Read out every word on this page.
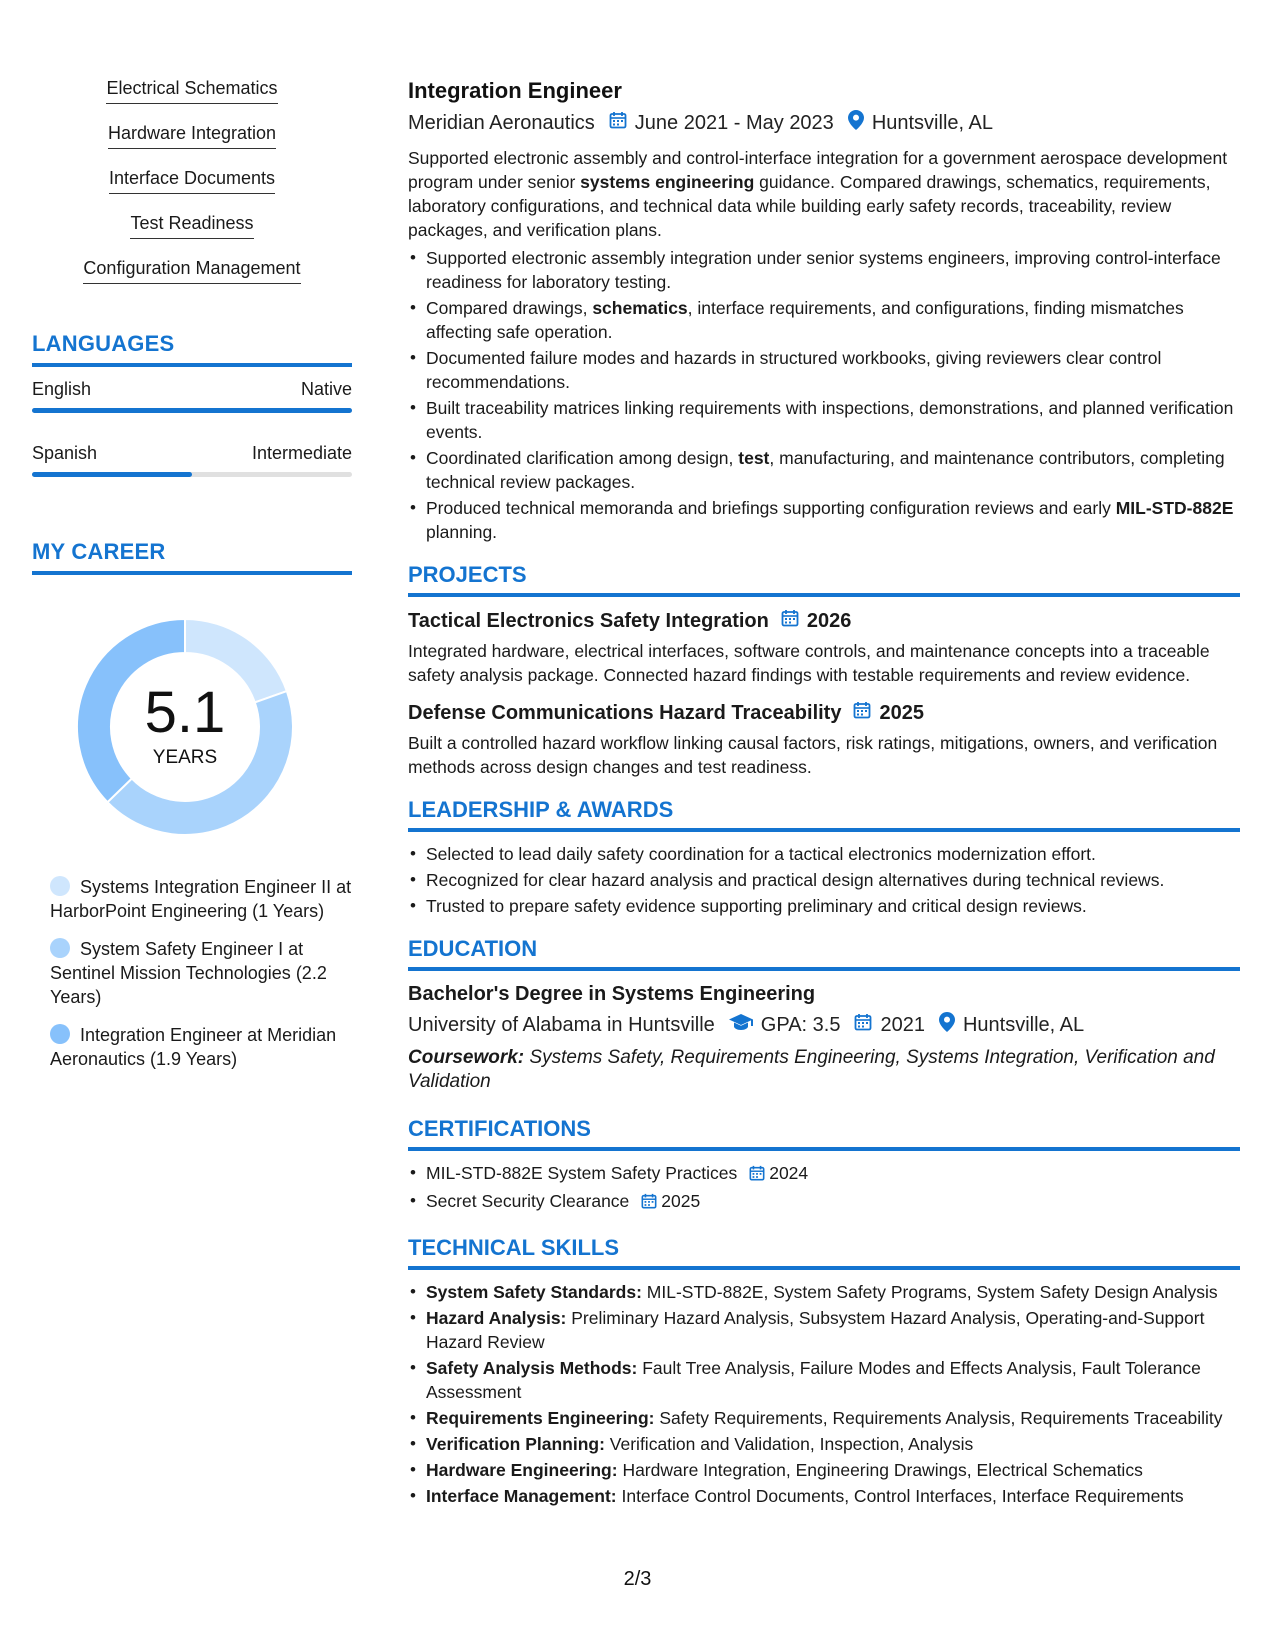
Electrical Schematics
Hardware Integration
Interface Documents
Test Readiness
Configuration Management
LANGUAGES
English	Native
Spanish	Intermediate
MY CAREER
5.1
YEARS
Systems Integration Engineer II at HarborPoint Engineering (1 Years)
System Safety Engineer I at Sentinel Mission Technologies (2.2 Years)
Integration Engineer at Meridian Aeronautics (1.9 Years)
Integration Engineer
Meridian Aeronautics June 2021 - May 2023 Huntsville, AL

Supported electronic assembly and control-interface integration for a government aerospace development program under senior systems engineering guidance. Compared drawings, schematics, requirements, laboratory configurations, and technical data while building early safety records, traceability, review packages, and verification plans.

• Supported electronic assembly integration under senior systems engineers, improving control-interface readiness for laboratory testing.
• Compared drawings, schematics, interface requirements, and configurations, finding mismatches affecting safe operation.
• Documented failure modes and hazards in structured workbooks, giving reviewers clear control recommendations.
• Built traceability matrices linking requirements with inspections, demonstrations, and planned verification events.
• Coordinated clarification among design, test, manufacturing, and maintenance contributors, completing technical review packages.
• Produced technical memoranda and briefings supporting configuration reviews and early MIL-STD-882E planning.
PROJECTS
Tactical Electronics Safety Integration 2026

Integrated hardware, electrical interfaces, software controls, and maintenance concepts into a traceable safety analysis package. Connected hazard findings with testable requirements and review evidence.

Defense Communications Hazard Traceability 2025

Built a controlled hazard workflow linking causal factors, risk ratings, mitigations, owners, and verification methods across design changes and test readiness.

LEADERSHIP & AWARDS
• Selected to lead daily safety coordination for a tactical electronics modernization effort.
• Recognized for clear hazard analysis and practical design alternatives during technical reviews.
• Trusted to prepare safety evidence supporting preliminary and critical design reviews.
EDUCATION
Bachelor's Degree in Systems Engineering
University of Alabama in Huntsville GPA: 3.5 2021 Huntsville, AL

Coursework: Systems Safety, Requirements Engineering, Systems Integration, Verification and Validation

CERTIFICATIONS
• MIL-STD-882E System Safety Practices 2024
• Secret Security Clearance 2025
TECHNICAL SKILLS
• System Safety Standards: MIL-STD-882E, System Safety Programs, System Safety Design Analysis
• Hazard Analysis: Preliminary Hazard Analysis, Subsystem Hazard Analysis, Operating-and-Support Hazard Review
• Safety Analysis Methods: Fault Tree Analysis, Failure Modes and Effects Analysis, Fault Tolerance Assessment
• Requirements Engineering: Safety Requirements, Requirements Analysis, Requirements Traceability
• Verification Planning: Verification and Validation, Inspection, Analysis
• Hardware Engineering: Hardware Integration, Engineering Drawings, Electrical Schematics
• Interface Management: Interface Control Documents, Control Interfaces, Interface Requirements
2/3
